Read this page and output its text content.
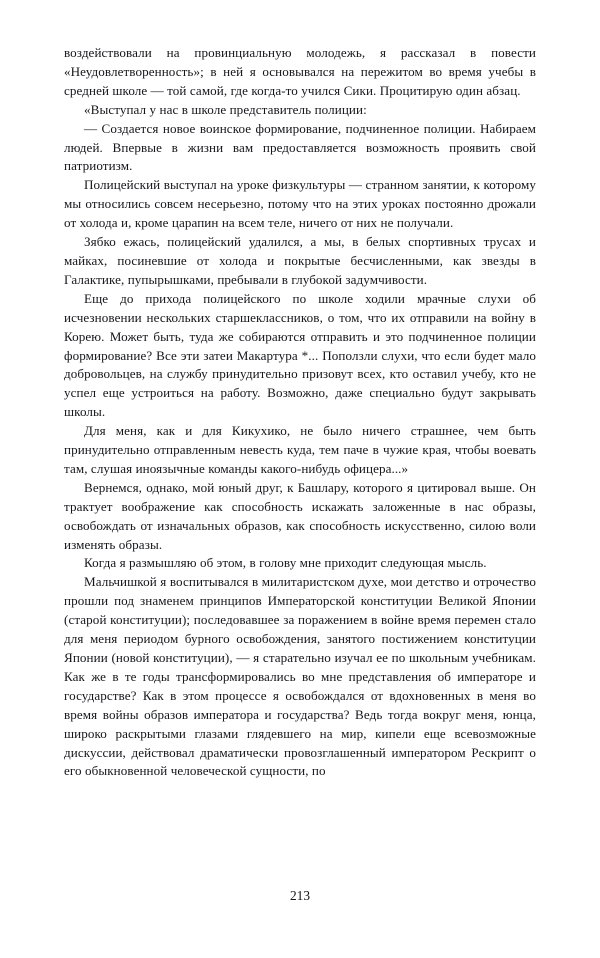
воздействовали на провинциальную молодежь, я рассказал в повести «Неудовлетворенность»; в ней я основывался на пережитом во время учебы в средней школе — той самой, где когда-то учился Сики. Процитирую один абзац.

«Выступал у нас в школе представитель полиции:

— Создается новое воинское формирование, подчиненное полиции. Набираем людей. Впервые в жизни вам предоставляется возможность проявить свой патриотизм.

Полицейский выступал на уроке физкультуры — странном занятии, к которому мы относились совсем несерьезно, потому что на этих уроках постоянно дрожали от холода и, кроме царапин на всем теле, ничего от них не получали.

Зябко ежась, полицейский удалился, а мы, в белых спортивных трусах и майках, посиневшие от холода и покрытые бесчисленными, как звезды в Галактике, пупырышками, пребывали в глубокой задумчивости.

Еще до прихода полицейского по школе ходили мрачные слухи об исчезновении нескольких старшеклассников, о том, что их отправили на войну в Корею. Может быть, туда же собираются отправить и это подчиненное полиции формирование? Все эти затеи Макартура *... Поползли слухи, что если будет мало добровольцев, на службу принудительно призовут всех, кто оставил учебу, кто не успел еще устроиться на работу. Возможно, даже специально будут закрывать школы.

Для меня, как и для Кикухико, не было ничего страшнее, чем быть принудительно отправленным невесть куда, тем паче в чужие края, чтобы воевать там, слушая иноязычные команды какого-нибудь офицера...»

Вернемся, однако, мой юный друг, к Башлару, которого я цитировал выше. Он трактует воображение как способность искажать заложенные в нас образы, освобождать от изначальных образов, как способность искусственно, силою воли изменять образы.

Когда я размышляю об этом, в голову мне приходит следующая мысль.

Мальчишкой я воспитывался в милитаристском духе, мои детство и отрочество прошли под знаменем принципов Императорской конституции Великой Японии (старой конституции); последовавшее за поражением в войне время перемен стало для меня периодом бурного освобождения, занятого постижением конституции Японии (новой конституции), — я старательно изучал ее по школьным учебникам. Как же в те годы трансформировались во мне представления об императоре и государстве? Как в этом процессе я освобождался от вдохновенных в меня во время войны образов императора и государства? Ведь тогда вокруг меня, юнца, широко раскрытыми глазами глядевшего на мир, кипели еще всевозможные дискуссии, действовал драматически провозглашенный императором Рескрипт о его обыкновенной человеческой сущности, по

213
